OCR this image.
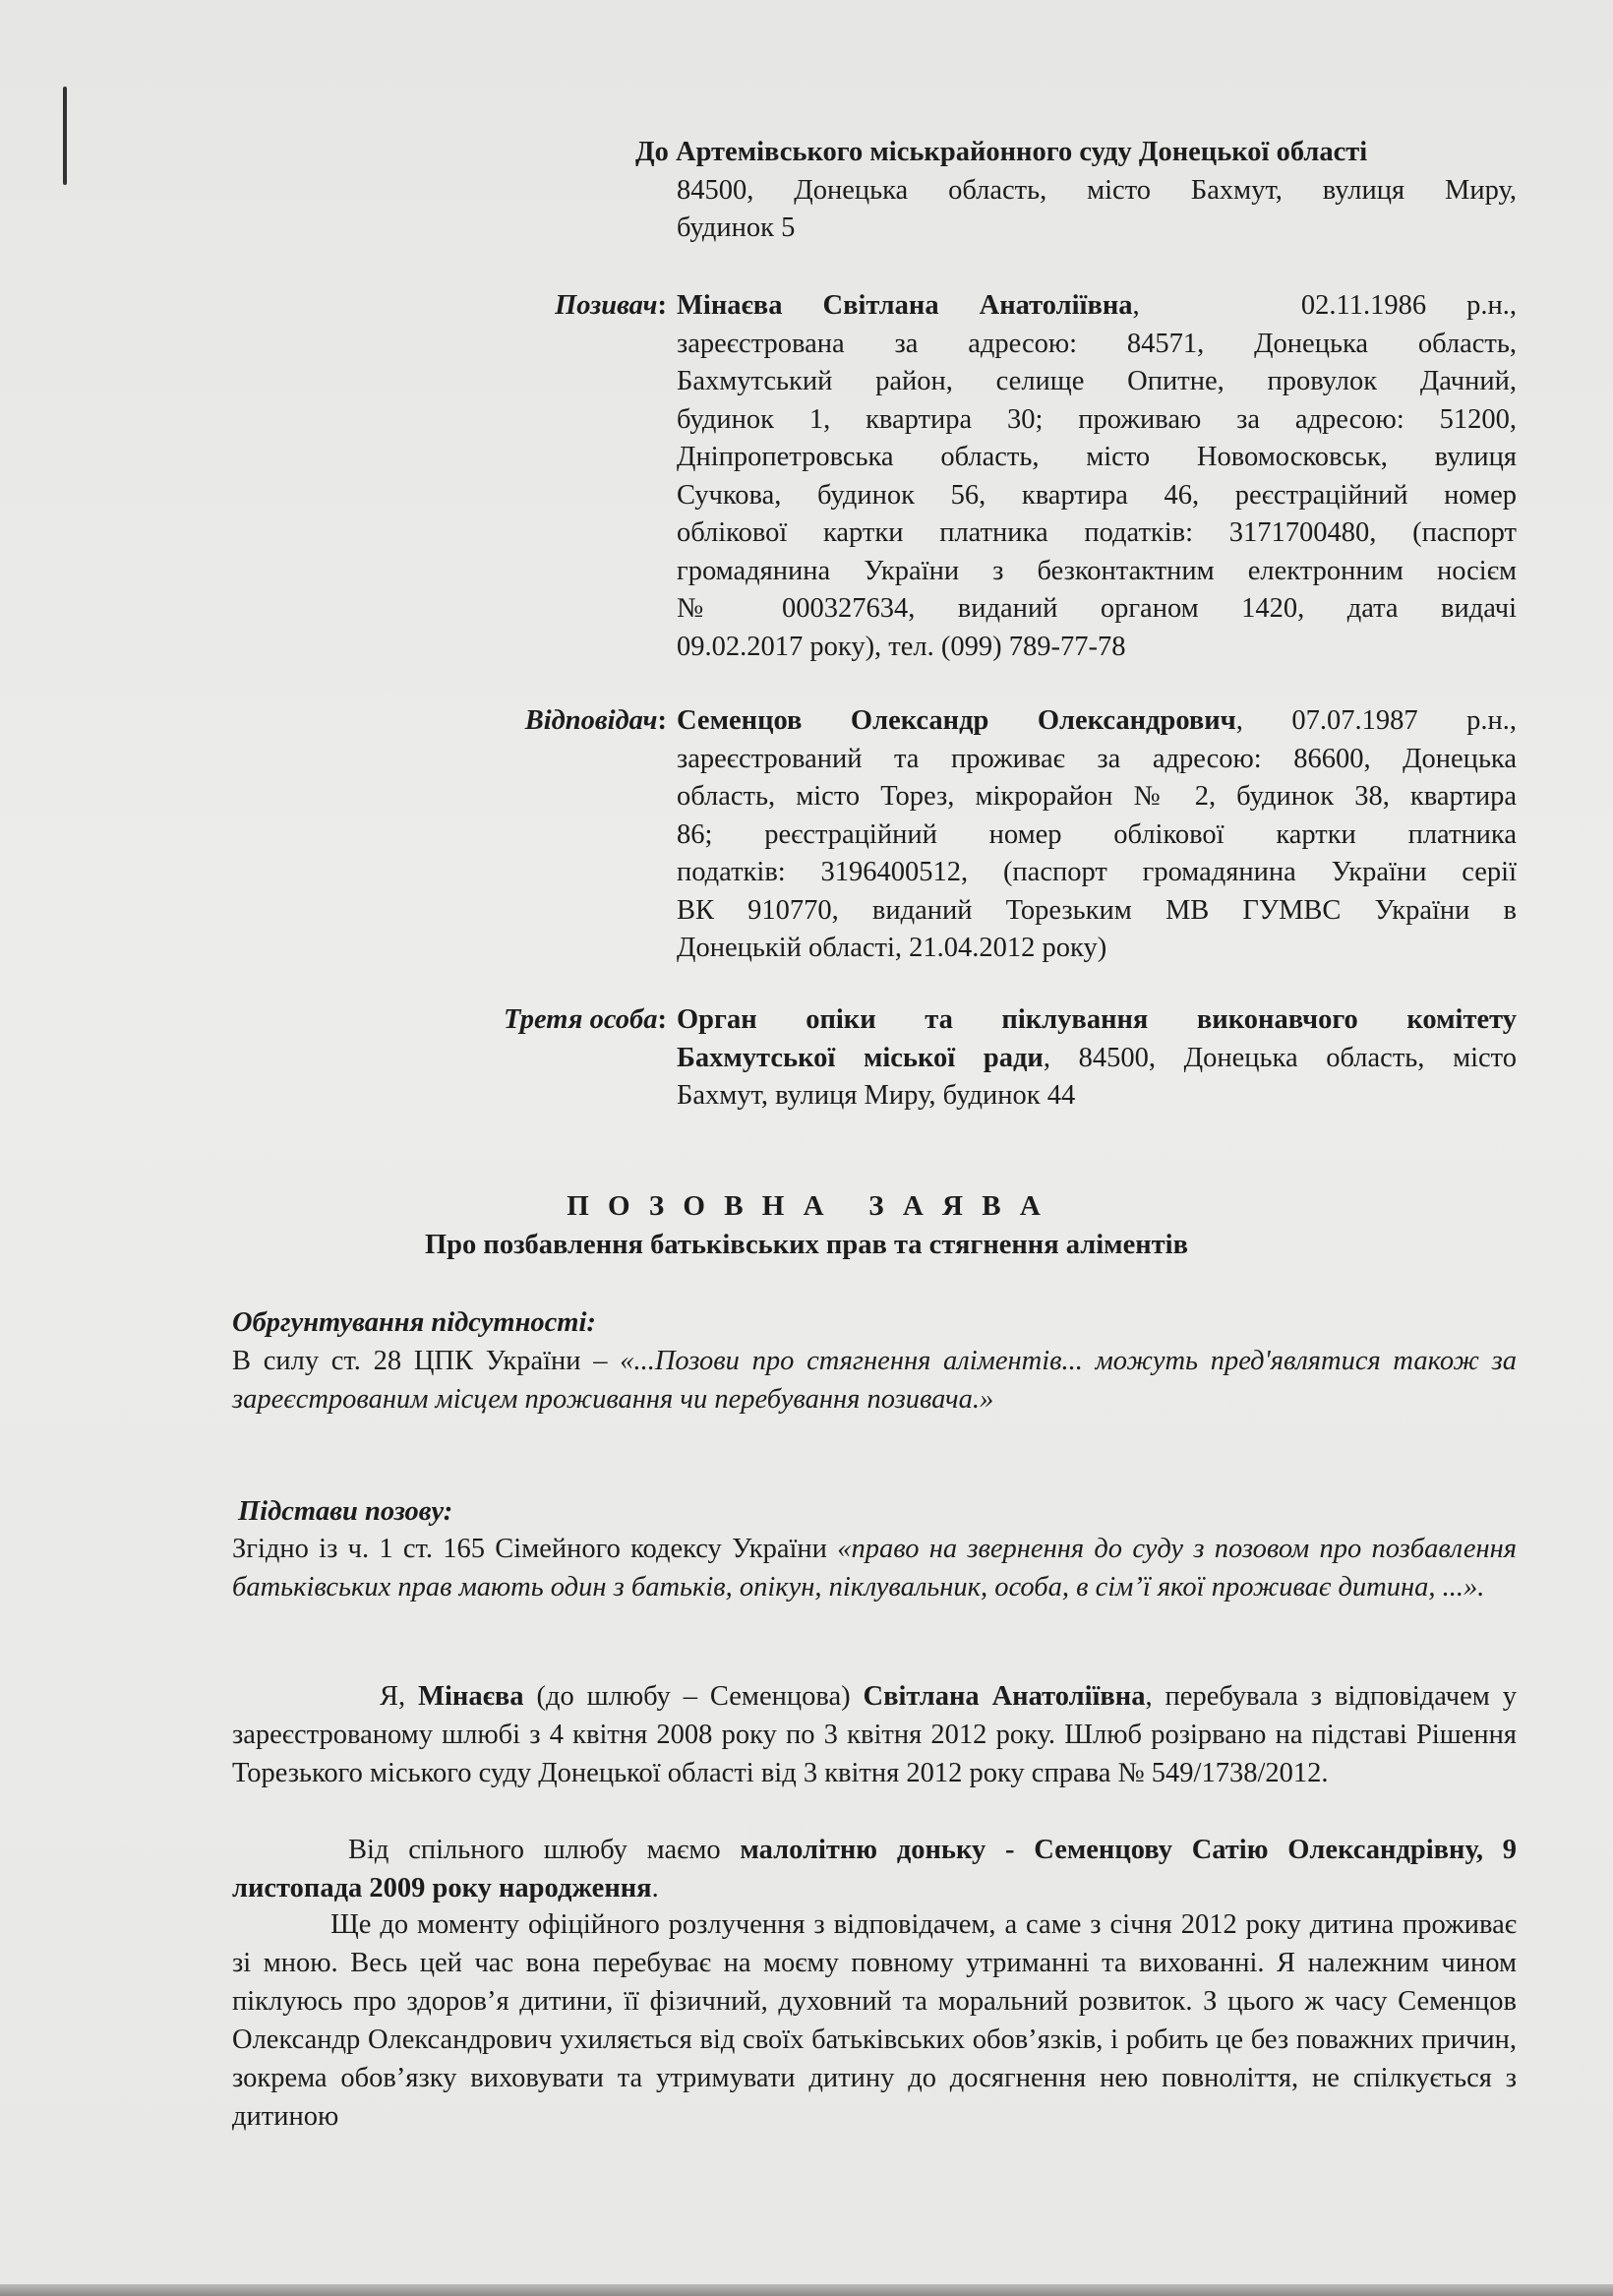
До Артемівського міськрайонного суду Донецької області
84500, Донецька область, місто Бахмут, вулиця Миру,
будинок 5
Позивач: Мінаєва Світлана Анатоліївна,    02.11.1986 р.н.,
зареєстрована за адресою: 84571, Донецька область,
Бахмутський район, селище Опитне, провулок Дачний,
будинок 1, квартира 30; проживаю за адресою: 51200,
Дніпропетровська область, місто Новомосковськ, вулиця
Сучкова, будинок 56, квартира 46, реєстраційний номер
облікової картки платника податків: 3171700480, (паспорт
громадянина України з безконтактним електронним носієм
№ 000327634, виданий органом 1420, дата видачі
09.02.2017 року), тел. (099) 789-77-78
Відповідач: Семенцов Олександр Олександрович, 07.07.1987 р.н.,
зареєстрований та проживає за адресою: 86600, Донецька
область, місто Торез, мікрорайон № 2, будинок 38, квартира
86; реєстраційний номер облікової картки платника
податків: 3196400512, (паспорт громадянина України серії
ВК 910770, виданий Торезьким МВ ГУМВС України в
Донецькій області, 21.04.2012 року)
Третя особа: Орган опіки та піклування виконавчого комітету
Бахмутської міської ради, 84500, Донецька область, місто
Бахмут, вулиця Миру, будинок 44
П О З О В Н А   З А Я В А
Про позбавлення батьківських прав та стягнення аліментів
Обргунтування підсутності:
В силу ст. 28 ЦПК України – «...Позови про стягнення аліментів... можуть пред'являтися також за зареєстрованим місцем проживання чи перебування позивача.»
Підстави позову:
Згідно із ч. 1 ст. 165 Сімейного кодексу України «право на звернення до суду з позовом про позбавлення батьківських прав мають один з батьків, опікун, піклувальник, особа, в сім’ї якої проживає дитина, ...».
Я, Мінаєва (до шлюбу – Семенцова) Світлана Анатоліївна, перебувала з відповідачем у зареєстрованому шлюбі з 4 квітня 2008 року по 3 квітня 2012 року. Шлюб розірвано на підставі Рішення Торезького міського суду Донецької області від 3 квітня 2012 року справа № 549/1738/2012.
Від спільного шлюбу маємо малолітню доньку - Семенцову Сатію Олександрівну, 9 листопада 2009 року народження.
Ще до моменту офіційного розлучення з відповідачем, а саме з січня 2012 року дитина проживає зі мною. Весь цей час вона перебуває на моєму повному утриманні та вихованні. Я належним чином піклуюсь про здоров’я дитини, її фізичний, духовний та моральний розвиток. З цього ж часу Семенцов Олександр Олександрович ухиляється від своїх батьківських обов’язків, і робить це без поважних причин, зокрема обов’язку виховувати та утримувати дитину до досягнення нею повноліття, не спілкується з дитиною
